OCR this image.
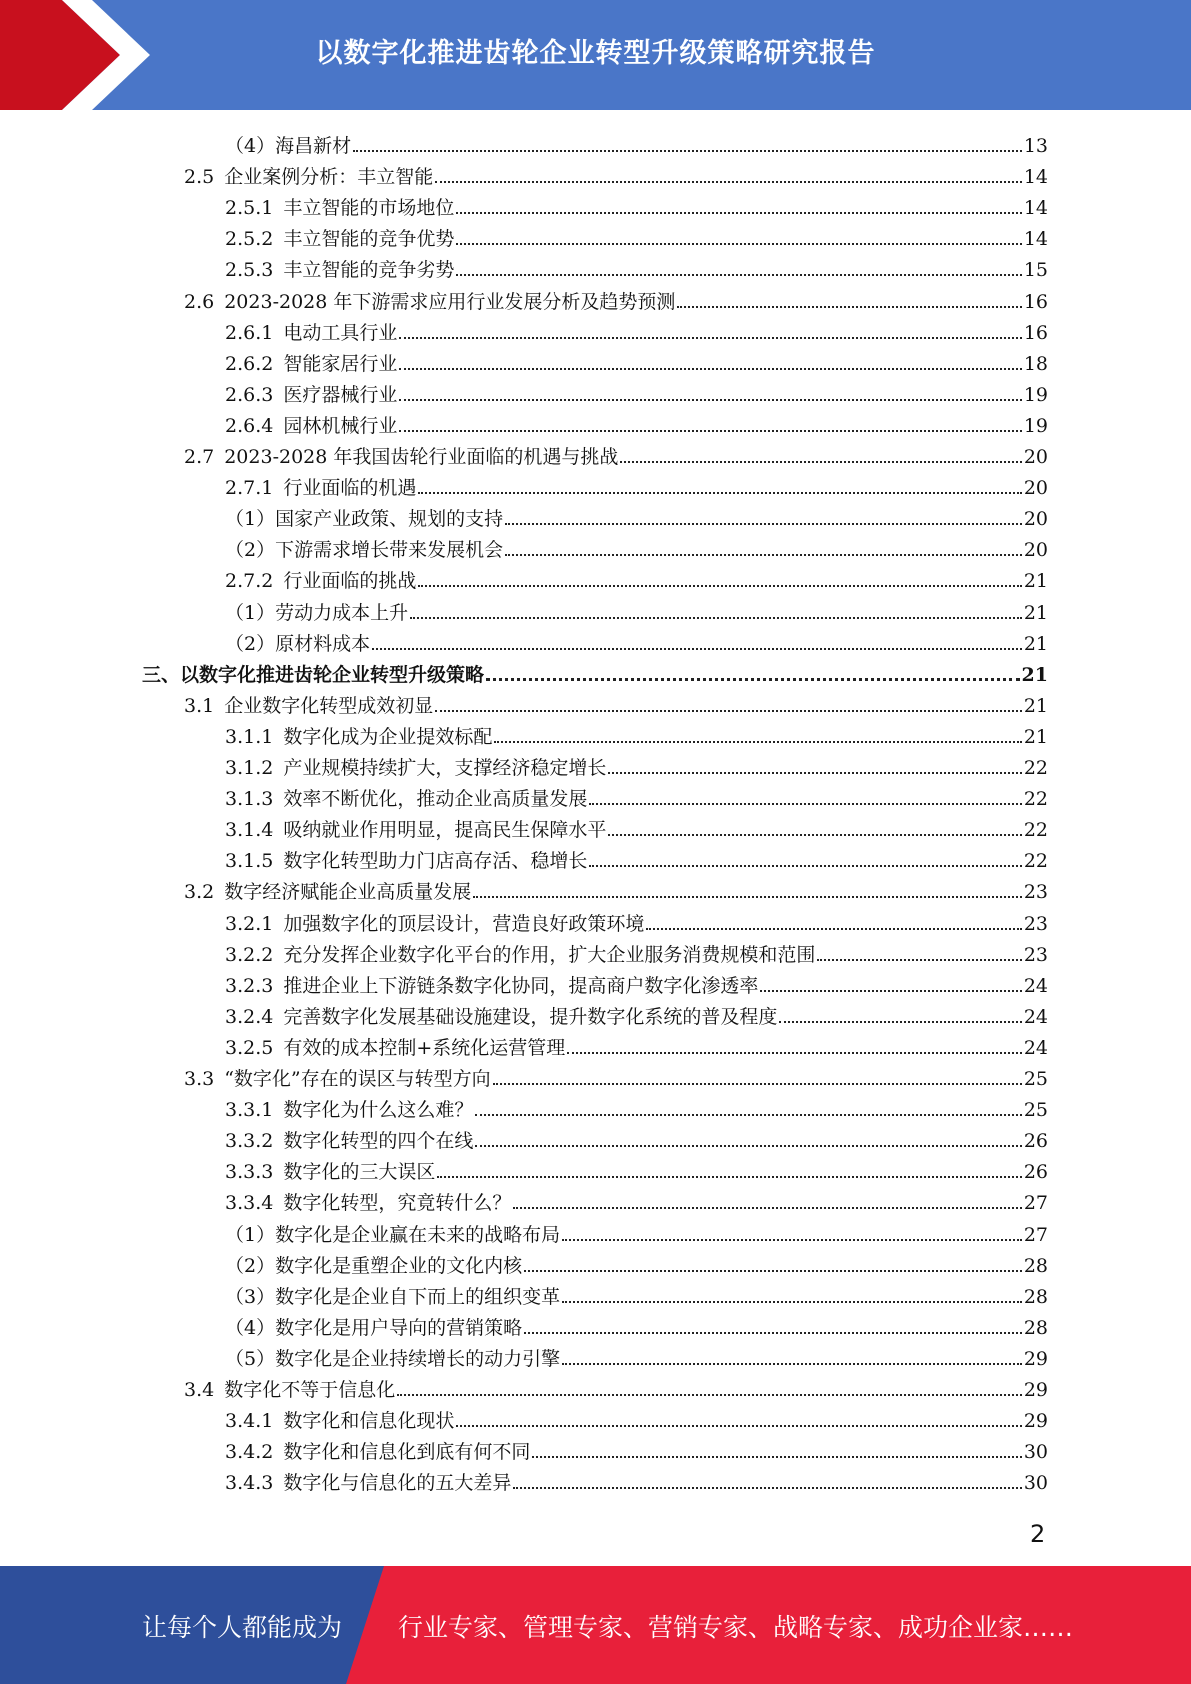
以数字化推进齿轮企业转型升级策略研究报告
（4） 海昌新材	13
2.5 企业案例分析：丰立智能	14
2.5.1 丰立智能的市场地位	14
2.5.2 丰立智能的竞争优势	14
2.5.3 丰立智能的竞争劣势	15
2.6 2023-2028 年下游需求应用行业发展分析及趋势预测	16
2.6.1 电动工具行业	16
2.6.2 智能家居行业	18
2.6.3 医疗器械行业	19
2.6.4 园林机械行业	19
2.7 2023-2028 年我国齿轮行业面临的机遇与挑战	20
2.7.1 行业面临的机遇	20
（1） 国家产业政策、规划的支持	20
（2） 下游需求增长带来发展机会	20
2.7.2 行业面临的挑战	21
（1） 劳动力成本上升	21
（2） 原材料成本	21
三、 以数字化推进齿轮企业转型升级策略	21
3.1 企业数字化转型成效初显	21
3.1.1 数字化成为企业提效标配	21
3.1.2 产业规模持续扩大，支撑经济稳定增长	22
3.1.3 效率不断优化，推动企业高质量发展	22
3.1.4 吸纳就业作用明显，提高民生保障水平	22
3.1.5 数字化转型助力门店高存活、稳增长	22
3.2 数字经济赋能企业高质量发展	23
3.2.1 加强数字化的顶层设计，营造良好政策环境	23
3.2.2 充分发挥企业数字化平台的作用，扩大企业服务消费规模和范围	23
3.2.3 推进企业上下游链条数字化协同，提高商户数字化渗透率	24
3.2.4 完善数字化发展基础设施建设，提升数字化系统的普及程度	24
3.2.5 有效的成本控制+系统化运营管理	24
3.3 “数字化”存在的误区与转型方向	25
3.3.1 数字化为什么这么难？	25
3.3.2 数字化转型的四个在线	26
3.3.3 数字化的三大误区	26
3.3.4 数字化转型，究竟转什么？	27
（1） 数字化是企业赢在未来的战略布局	27
（2） 数字化是重塑企业的文化内核	28
（3） 数字化是企业自下而上的组织变革	28
（4） 数字化是用户导向的营销策略	28
（5） 数字化是企业持续增长的动力引擎	29
3.4 数字化不等于信息化	29
3.4.1 数字化和信息化现状	29
3.4.2 数字化和信息化到底有何不同	30
3.4.3 数字化与信息化的五大差异	30
2
让每个人都能成为 行业专家、管理专家、营销专家、战略专家、成功企业家……
